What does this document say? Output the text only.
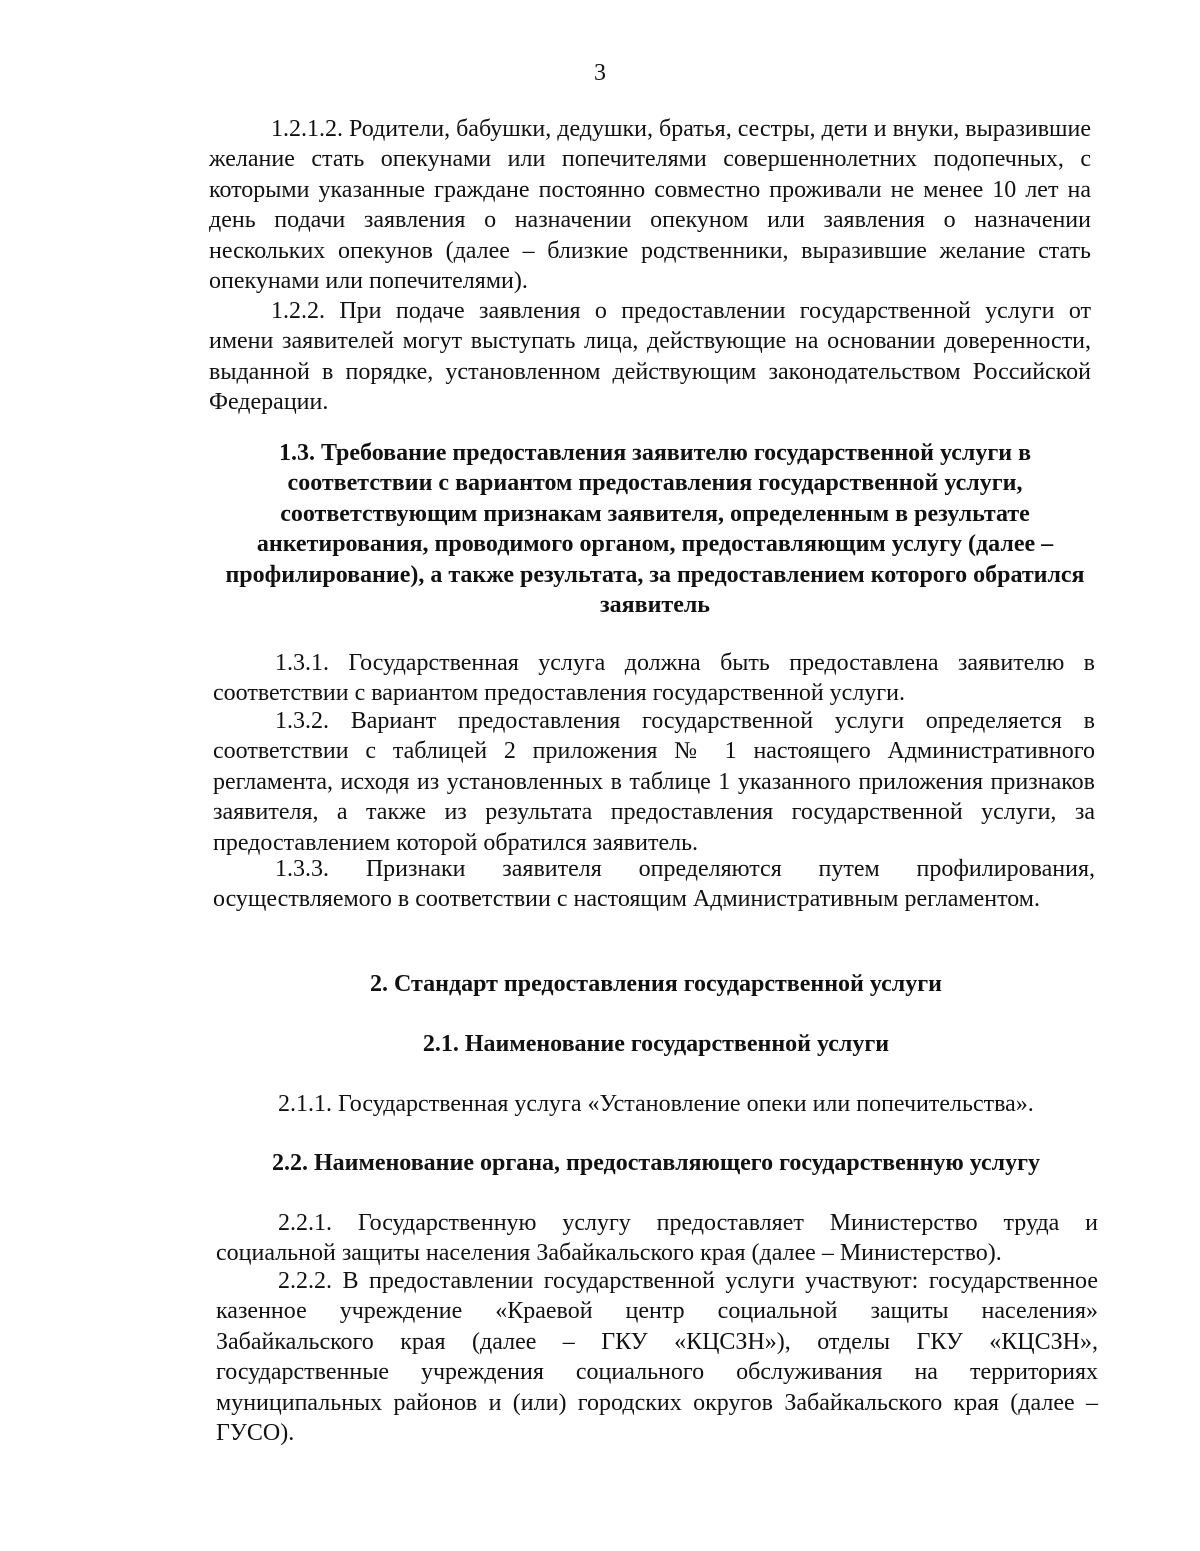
3

1.2.1.2. Родители, бабушки, дедушки, братья, сестры, дети и внуки, выразившие желание стать опекунами или попечителями совершеннолетних подопечных, с которыми указанные граждане постоянно совместно проживали не менее 10 лет на день подачи заявления о назначении опекуном или заявления о назначении нескольких опекунов (далее – близкие родственники, выразившие желание стать опекунами или попечителями).

1.2.2. При подаче заявления о предоставлении государственной услуги от имени заявителей могут выступать лица, действующие на основании доверенности, выданной в порядке, установленном действующим законодательством Российской Федерации.

1.3. Требование предоставления заявителю государственной услуги в соответствии с вариантом предоставления государственной услуги, соответствующим признакам заявителя, определенным в результате анкетирования, проводимого органом, предоставляющим услугу (далее – профилирование), а также результата, за предоставлением которого обратился заявитель

1.3.1. Государственная услуга должна быть предоставлена заявителю в соответствии с вариантом предоставления государственной услуги.

1.3.2. Вариант предоставления государственной услуги определяется в соответствии с таблицей 2 приложения № 1 настоящего Административного регламента, исходя из установленных в таблице 1 указанного приложения признаков заявителя, а также из результата предоставления государственной услуги, за предоставлением которой обратился заявитель.

1.3.3. Признаки заявителя определяются путем профилирования, осуществляемого в соответствии с настоящим Административным регламентом.

2. Стандарт предоставления государственной услуги
2.1. Наименование государственной услуги
2.1.1. Государственная услуга «Установление опеки или попечительства».
2.2. Наименование органа, предоставляющего государственную услугу

2.2.1. Государственную услугу предоставляет Министерство труда и социальной защиты населения Забайкальского края (далее – Министерство).

2.2.2. В предоставлении государственной услуги участвуют: государственное казенное учреждение «Краевой центр социальной защиты населения» Забайкальского края (далее – ГКУ «КЦСЗН»), отделы ГКУ «КЦСЗН», государственные учреждения социального обслуживания на территориях муниципальных районов и (или) городских округов Забайкальского края (далее – ГУСО).
